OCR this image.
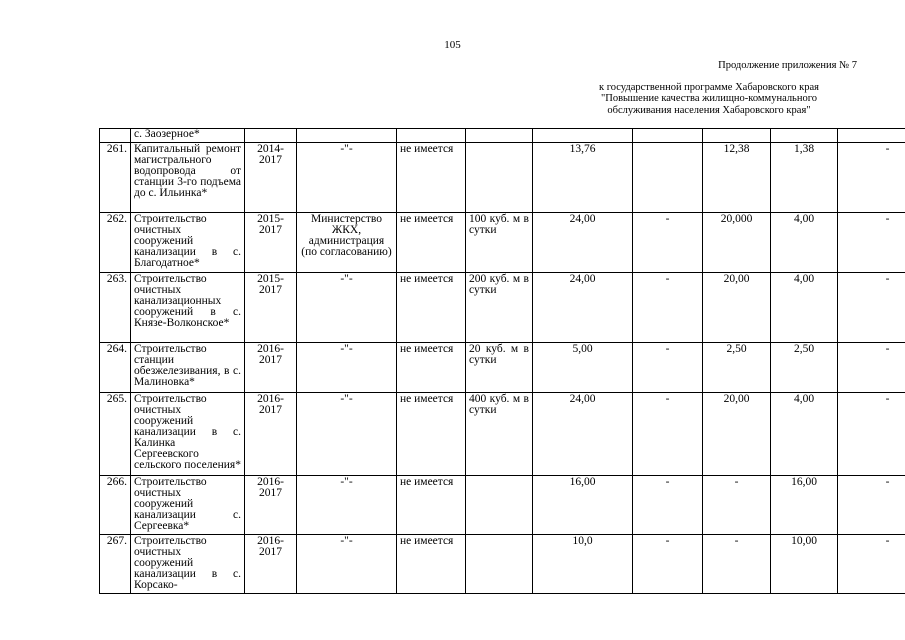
105
Продолжение приложения № 7
к государственной программе Хабаровского края
"Повышение качества жилищно-коммунального
обслуживания населения Хабаровского края"
	с. Заозерное*									
261.	Капитальный ремонт магистрального водопровода от станции 3-го подъема до с. Ильинка*	2014-2017	-"-	не имеется		13,76		12,38	1,38	-
262.	Строительство очистных сооружений канализации в с. Благодатное*	2015-2017	Министерство ЖКХ, администрация (по согласованию)	не имеется	100 куб. м в сутки	24,00	-	20,000	4,00	-
263.	Строительство очистных канализационных сооружений в с. Князе-Волконское*	2015-2017	-"-	не имеется	200 куб. м в сутки	24,00	-	20,00	4,00	-
264.	Строительство станции обезжелезивания, в с. Малиновка*	2016-2017	-"-	не имеется	20 куб. м в сутки	5,00	-	2,50	2,50	-
265.	Строительство очистных сооружений канализации в с. Калинка Сергеевского сельского поселения*	2016-2017	-"-	не имеется	400 куб. м в сутки	24,00	-	20,00	4,00	-
266.	Строительство очистных сооружений канализации с. Сергеевка*	2016-2017	-"-	не имеется		16,00	-	-	16,00	-
267.	Строительство очистных сооружений канализации в с. Корсако-	2016-2017	-"-	не имеется		10,0	-	-	10,00	-
